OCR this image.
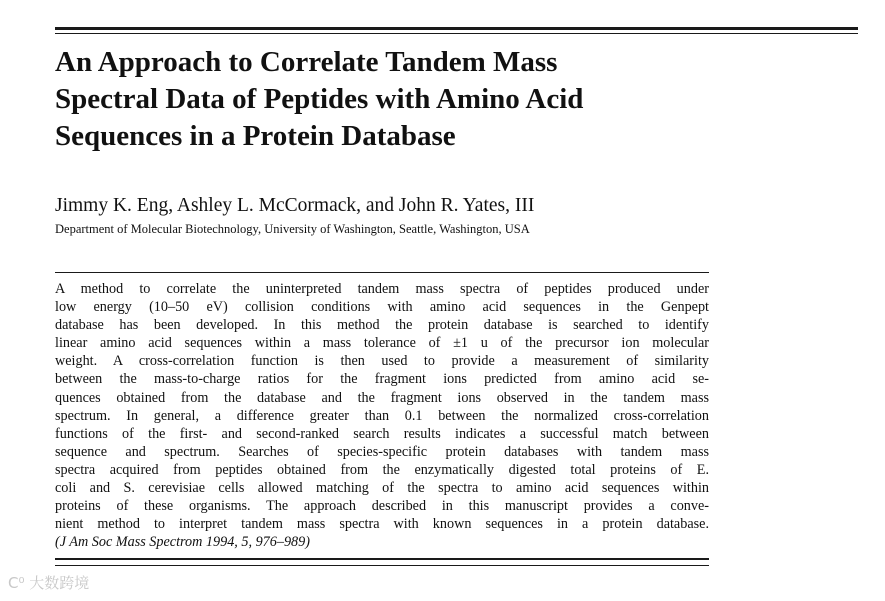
An Approach to Correlate Tandem Mass
Spectral Data of Peptides with Amino Acid
Sequences in a Protein Database
Jimmy K. Eng, Ashley L. McCormack, and John R. Yates, III
Department of Molecular Biotechnology, University of Washington, Seattle, Washington, USA
A method to correlate the uninterpreted tandem mass spectra of peptides produced under
low energy (10–50 eV) collision conditions with amino acid sequences in the Genpept
database has been developed. In this method the protein database is searched to identify
linear amino acid sequences within a mass tolerance of ±1 u of the precursor ion molecular
weight. A cross-correlation function is then used to provide a measurement of similarity
between the mass-to-charge ratios for the fragment ions predicted from amino acid se-
quences obtained from the database and the fragment ions observed in the tandem mass
spectrum. In general, a difference greater than 0.1 between the normalized cross-correlation
functions of the first- and second-ranked search results indicates a successful match between
sequence and spectrum. Searches of species-specific protein databases with tandem mass
spectra acquired from peptides obtained from the enzymatically digested total proteins of E.
coli and S. cerevisiae cells allowed matching of the spectra to amino acid sequences within
proteins of these organisms. The approach described in this manuscript provides a conve-
nient method to interpret tandem mass spectra with known sequences in a protein database.
(J Am Soc Mass Spectrom 1994, 5, 976–989)
C⁰ 大数跨境
